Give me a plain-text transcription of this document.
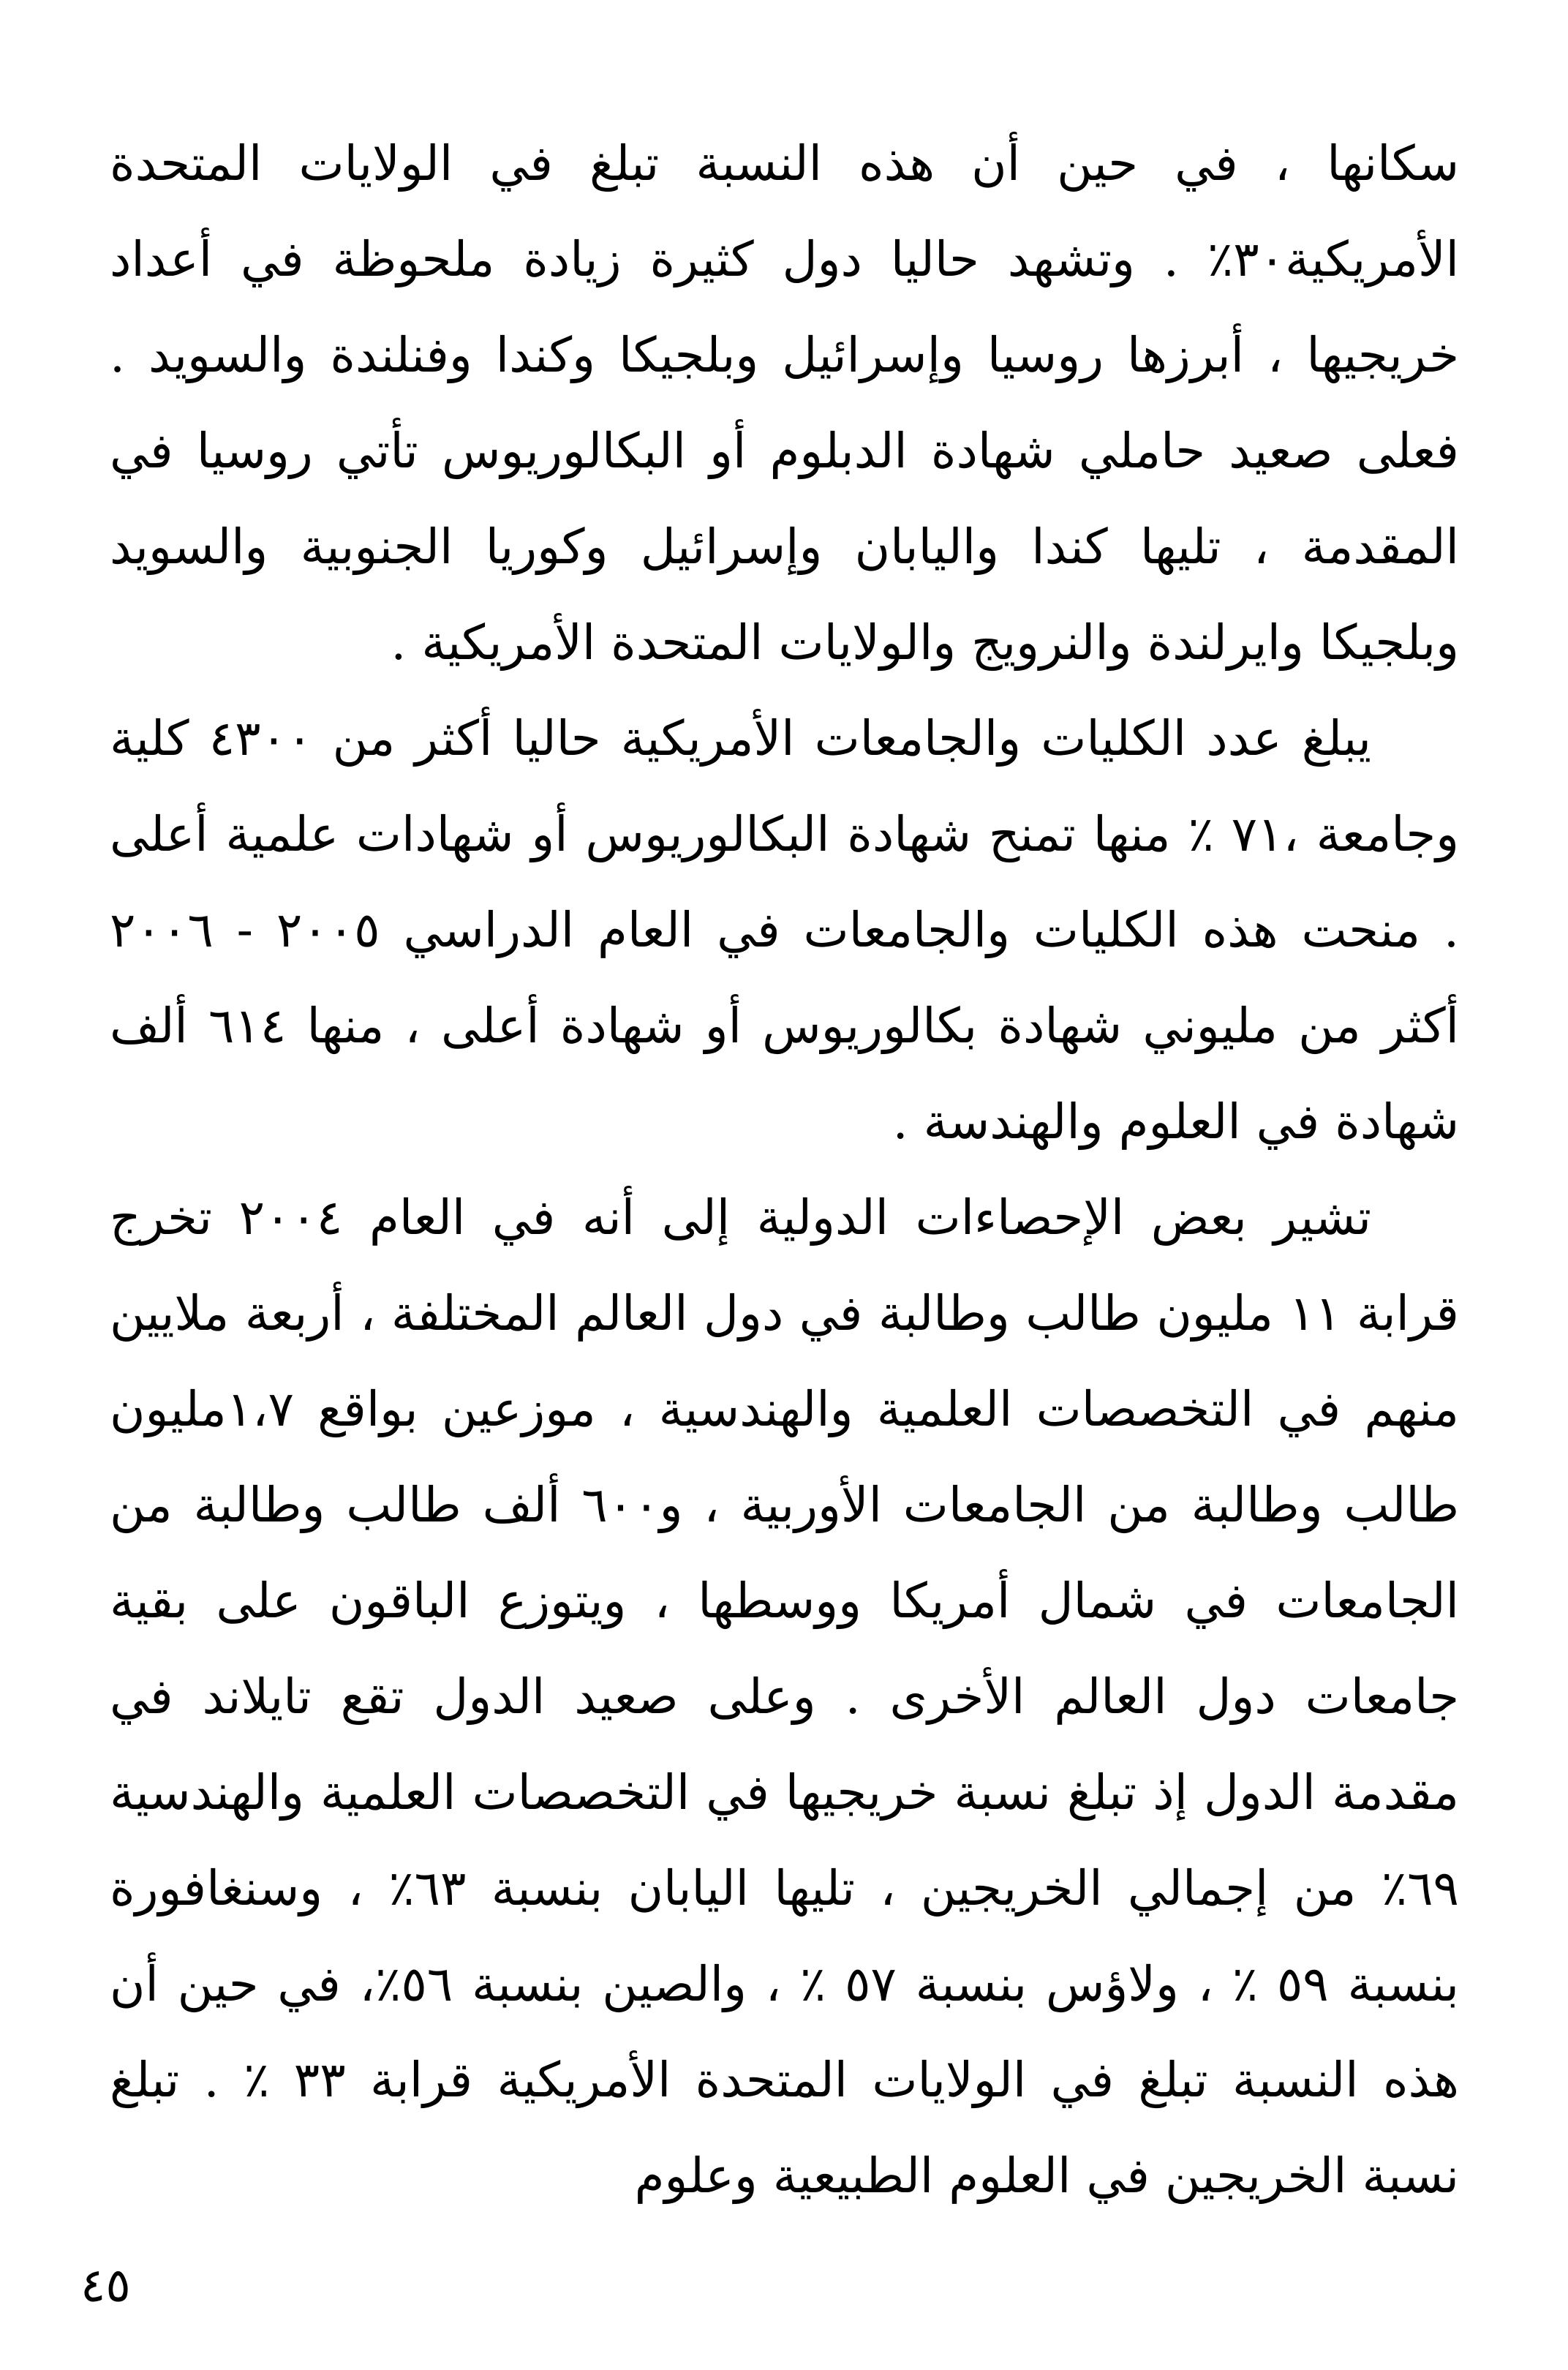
سكانها ، في حين أن هذه النسبة تبلغ في الولايات المتحدة الأمريكية٣٠٪ . وتشهد حاليا دول كثيرة زيادة ملحوظة في أعداد خريجيها ، أبرزها روسيا وإسرائيل وبلجيكا وكندا وفنلندة والسويد . فعلى صعيد حاملي شهادة الدبلوم أو البكالوريوس تأتي روسيا في المقدمة ، تليها كندا واليابان وإسرائيل وكوريا الجنوبية والسويد وبلجيكا وايرلندة والنرويج والولايات المتحدة الأمريكية .

يبلغ عدد الكليات والجامعات الأمريكية حاليا أكثر من ٤٣٠٠ كلية وجامعة ،٧١ ٪ منها تمنح شهادة البكالوريوس أو شهادات علمية أعلى . منحت هذه الكليات والجامعات في العام الدراسي ٢٠٠٥ - ٢٠٠٦ أكثر من مليوني شهادة بكالوريوس أو شهادة أعلى ، منها ٦١٤ ألف شهادة في العلوم والهندسة .

تشير بعض الإحصاءات الدولية إلى أنه في العام ٢٠٠٤ تخرج قرابة ١١ مليون طالب وطالبة في دول العالم المختلفة ، أربعة ملايين منهم في التخصصات العلمية والهندسية ، موزعين بواقع ١،٧مليون طالب وطالبة من الجامعات الأوربية ، و٦٠٠ ألف طالب وطالبة من الجامعات في شمال أمريكا ووسطها ، ويتوزع الباقون على بقية جامعات دول العالم الأخرى . وعلى صعيد الدول تقع تايلاند في مقدمة الدول إذ تبلغ نسبة خريجيها في التخصصات العلمية والهندسية ٦٩٪ من إجمالي الخريجين ، تليها اليابان بنسبة ٦٣٪ ، وسنغافورة بنسبة ٥٩ ٪ ، ولاؤس بنسبة ٥٧ ٪ ، والصين بنسبة ٥٦٪، في حين أن هذه النسبة تبلغ في الولايات المتحدة الأمريكية قرابة ٣٣ ٪ . تبلغ نسبة الخريجين في العلوم الطبيعية وعلوم

٤٥
